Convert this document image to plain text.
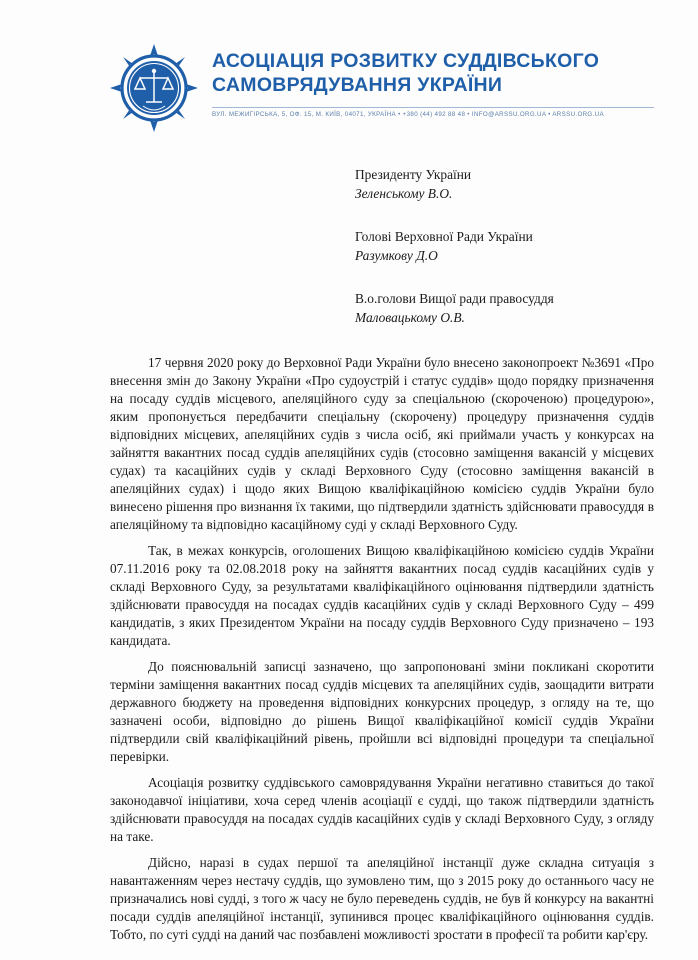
АСОЦІАЦІЯ РОЗВИТКУ СУДДІВСЬКОГО
САМОВРЯДУВАННЯ УКРАЇНИ
ВУЛ. МЕЖИГІРСЬКА, 5, ОФ. 15, М. КИЇВ, 04071, УКРАЇНА • +380 (44) 492 88 48 • INFO@ARSSU.ORG.UA • ARSSU.ORG.UA
Президенту України
Зеленському В.О.
Голові Верховної Ради України
Разумкову Д.О
В.о.голови Вищої ради правосуддя
Маловацькому О.В.

17 червня 2020 року до Верховної Ради України було внесено законопроект №3691 «Про внесення змін до Закону України «Про судоустрій і статус суддів» щодо порядку призначення на посаду суддів місцевого, апеляційного суду за спеціальною (скороченою) процедурою», яким пропонується передбачити спеціальну (скорочену) процедуру призначення суддів відповідних місцевих, апеляційних судів з числа осіб, які приймали участь у конкурсах на зайняття вакантних посад суддів апеляційних судів (стосовно заміщення вакансій у місцевих судах) та касаційних судів у складі Верховного Суду (стосовно заміщення вакансій в апеляційних судах) і щодо яких Вищою кваліфікаційною комісією суддів України було винесено рішення про визнання їх такими, що підтвердили здатність здійснювати правосуддя в апеляційному та відповідно касаційному суді у складі Верховного Суду.

Так, в межах конкурсів, оголошених Вищою кваліфікаційною комісією суддів України 07.11.2016 року та 02.08.2018 року на зайняття вакантних посад суддів касаційних судів у складі Верховного Суду, за результатами кваліфікаційного оцінювання підтвердили здатність здійснювати правосуддя на посадах суддів касаційних судів у складі Верховного Суду – 499 кандидатів, з яких Президентом України на посаду суддів Верховного Суду призначено – 193 кандидата.

До пояснювальній записці зазначено, що запропоновані зміни покликані скоротити терміни заміщення вакантних посад суддів місцевих та апеляційних судів, заощадити витрати державного бюджету на проведення відповідних конкурсних процедур, з огляду на те, що зазначені особи, відповідно до рішень Вищої кваліфікаційної комісії суддів України підтвердили свій кваліфікаційний рівень, пройшли всі відповідні процедури та спеціальної перевірки.

Асоціація розвитку суддівського самоврядування України негативно ставиться до такої законодавчої ініціативи, хоча серед членів асоціації є судді, що також підтвердили здатність здійснювати правосуддя на посадах суддів касаційних судів у складі Верховного Суду, з огляду на таке.

Дійсно, наразі в судах першої та апеляційної інстанції дуже складна ситуація з навантаженням через нестачу суддів, що зумовлено тим, що з 2015 року до останнього часу не призначались нові судді, з того ж часу не було переведень суддів, не був й конкурсу на вакантні посади суддів апеляційної інстанції, зупинився процес кваліфікаційного оцінювання суддів. Тобто, по суті судді на даний час позбавлені можливості зростати в професії та робити кар'єру.
